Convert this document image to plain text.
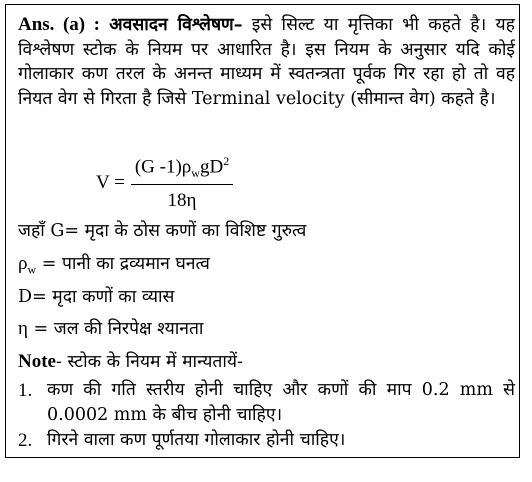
Ans. (a) : अवसादन विश्लेषण– इसे सिल्ट या मृत्तिका भी कहते है। यह विश्लेषण स्टोक के नियम पर आधारित है। इस नियम के अनुसार यदि कोई गोलाकार कण तरल के अनन्त माध्यम में स्वतन्त्रता पूर्वक गिर रहा हो तो वह नियत वेग से गिरता है जिसे Terminal velocity (सीमान्त वेग) कहते है।
$V = \frac{(G -1)\rho_wgD^2}{18\eta}$
जहाँ G= मृदा के ठोस कणों का विशिष्ट गुरुत्व
$\rho_w$ = पानी का द्रव्यमान घनत्व
D= मृदा कणों का व्यास
η = जल की निरपेक्ष श्यानता
Note- स्टोक के नियम में मान्यतायें-
1. कण की गति स्तरीय होनी चाहिए और कणों की माप 0.2 mm से 0.0002 mm के बीच होनी चाहिए।
2. गिरने वाला कण पूर्णतया गोलाकार होनी चाहिए।
